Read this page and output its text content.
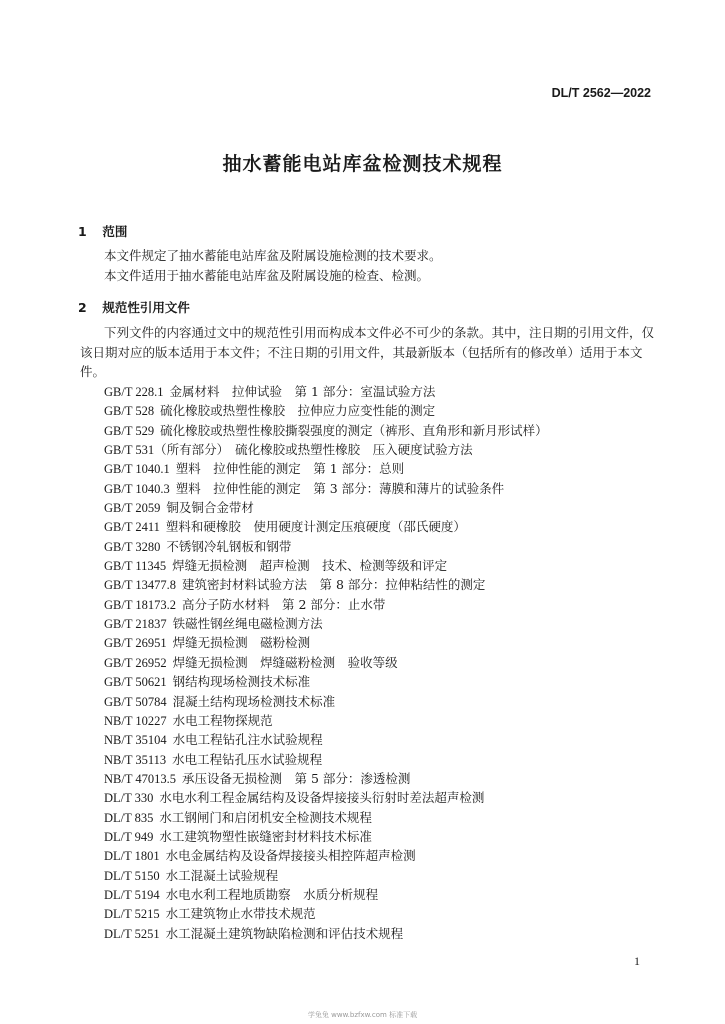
DL/T 2562—2022
抽水蓄能电站库盆检测技术规程
1 范围

本文件规定了抽水蓄能电站库盆及附属设施检测的技术要求。

本文件适用于抽水蓄能电站库盆及附属设施的检查、检测。

2 规范性引用文件

下列文件的内容通过文中的规范性引用而构成本文件必不可少的条款。其中，注日期的引用文件，仅该日期对应的版本适用于本文件；不注日期的引用文件，其最新版本（包括所有的修改单）适用于本文件。

GB/T 228.1 金属材料　拉伸试验　第 1 部分：室温试验方法
GB/T 528 硫化橡胶或热塑性橡胶　拉伸应力应变性能的测定
GB/T 529 硫化橡胶或热塑性橡胶撕裂强度的测定（裤形、直角形和新月形试样）
GB/T 531（所有部分） 硫化橡胶或热塑性橡胶　压入硬度试验方法
GB/T 1040.1 塑料　拉伸性能的测定　第 1 部分：总则
GB/T 1040.3 塑料　拉伸性能的测定　第 3 部分：薄膜和薄片的试验条件
GB/T 2059 铜及铜合金带材
GB/T 2411 塑料和硬橡胶　使用硬度计测定压痕硬度（邵氏硬度）
GB/T 3280 不锈钢冷轧钢板和钢带
GB/T 11345 焊缝无损检测　超声检测　技术、检测等级和评定
GB/T 13477.8 建筑密封材料试验方法　第 8 部分：拉伸粘结性的测定
GB/T 18173.2 高分子防水材料　第 2 部分：止水带
GB/T 21837 铁磁性钢丝绳电磁检测方法
GB/T 26951 焊缝无损检测　磁粉检测
GB/T 26952 焊缝无损检测　焊缝磁粉检测　验收等级
GB/T 50621 钢结构现场检测技术标准
GB/T 50784 混凝土结构现场检测技术标准
NB/T 10227 水电工程物探规范
NB/T 35104 水电工程钻孔注水试验规程
NB/T 35113 水电工程钻孔压水试验规程
NB/T 47013.5 承压设备无损检测　第 5 部分：渗透检测
DL/T 330 水电水利工程金属结构及设备焊接接头衍射时差法超声检测
DL/T 835 水工钢闸门和启闭机安全检测技术规程
DL/T 949 水工建筑物塑性嵌缝密封材料技术标准
DL/T 1801 水电金属结构及设备焊接接头相控阵超声检测
DL/T 5150 水工混凝土试验规程
DL/T 5194 水电水利工程地质勘察　水质分析规程
DL/T 5215 水工建筑物止水带技术规范
DL/T 5251 水工混凝土建筑物缺陷检测和评估技术规程
1
学兔兔 www.bzfxw.com 标准下载
